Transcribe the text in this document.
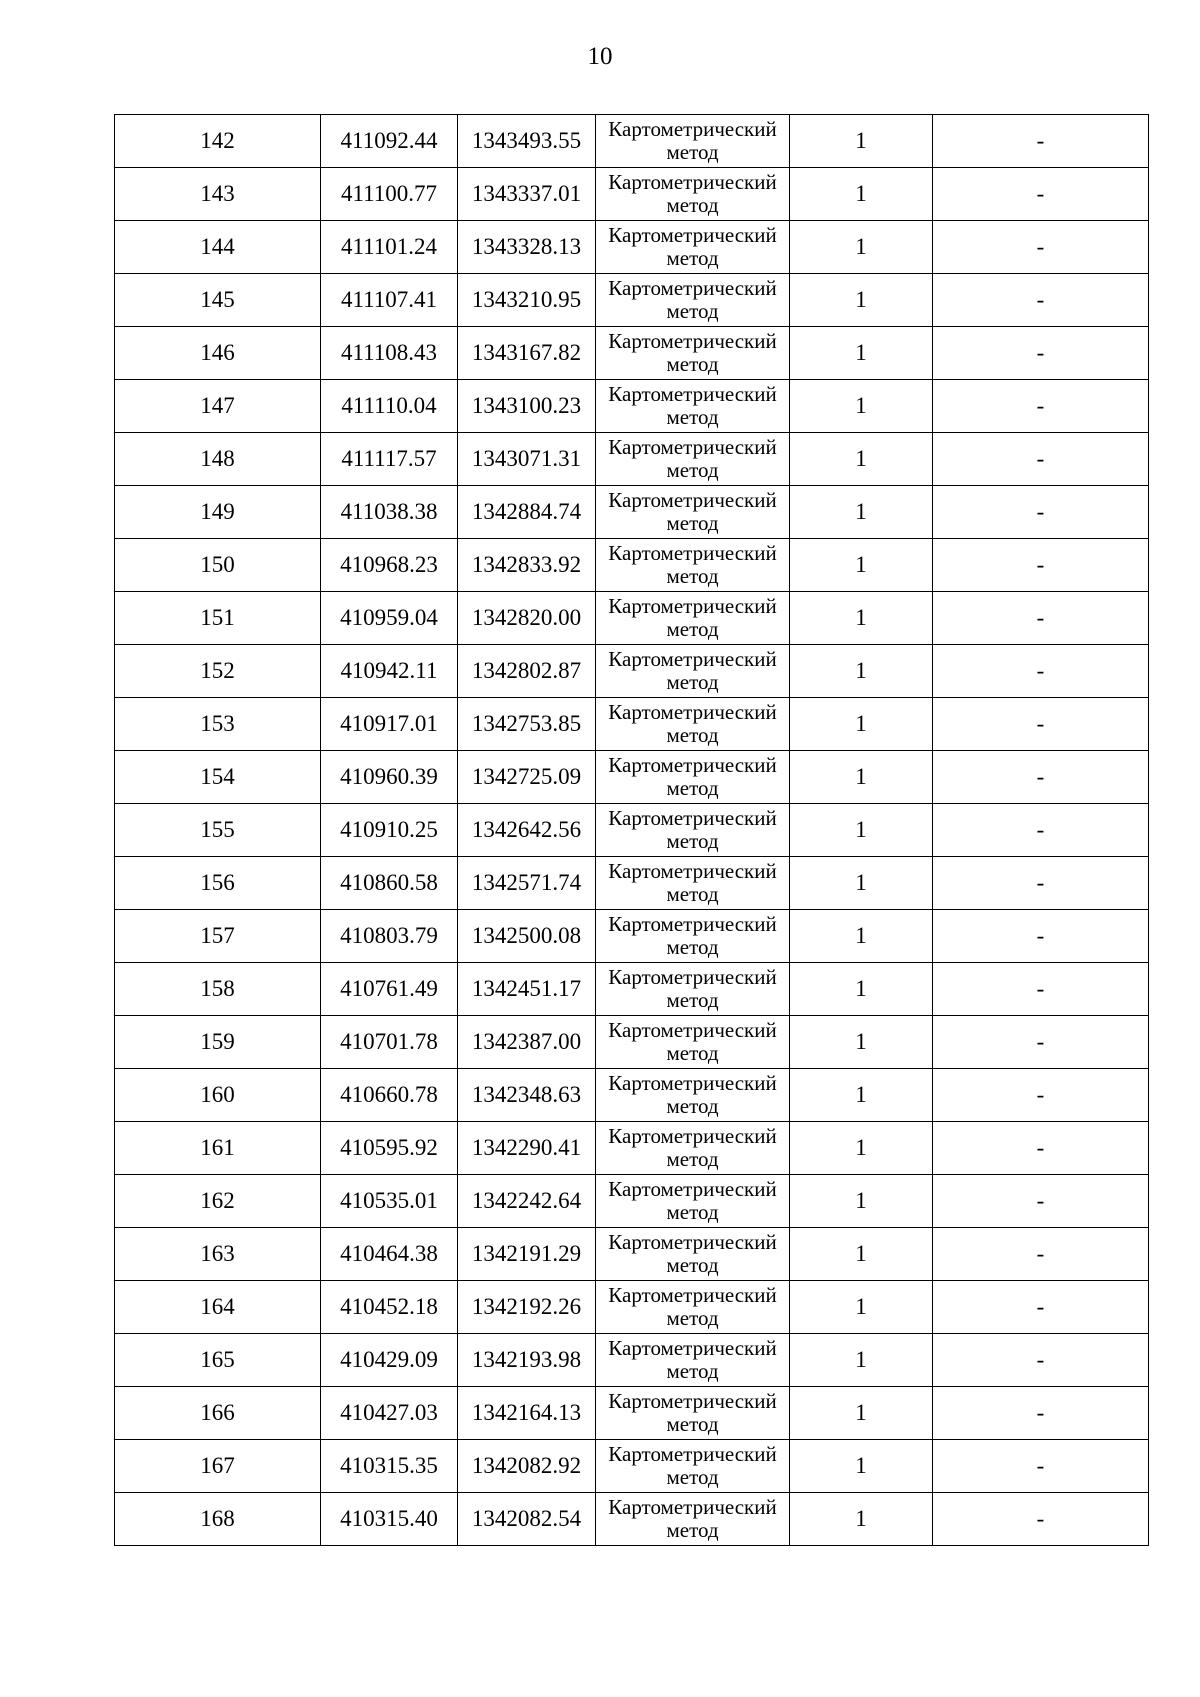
10
142	411092.44	1343493.55	Картометрический метод	1	-
143	411100.77	1343337.01	Картометрический метод	1	-
144	411101.24	1343328.13	Картометрический метод	1	-
145	411107.41	1343210.95	Картометрический метод	1	-
146	411108.43	1343167.82	Картометрический метод	1	-
147	411110.04	1343100.23	Картометрический метод	1	-
148	411117.57	1343071.31	Картометрический метод	1	-
149	411038.38	1342884.74	Картометрический метод	1	-
150	410968.23	1342833.92	Картометрический метод	1	-
151	410959.04	1342820.00	Картометрический метод	1	-
152	410942.11	1342802.87	Картометрический метод	1	-
153	410917.01	1342753.85	Картометрический метод	1	-
154	410960.39	1342725.09	Картометрический метод	1	-
155	410910.25	1342642.56	Картометрический метод	1	-
156	410860.58	1342571.74	Картометрический метод	1	-
157	410803.79	1342500.08	Картометрический метод	1	-
158	410761.49	1342451.17	Картометрический метод	1	-
159	410701.78	1342387.00	Картометрический метод	1	-
160	410660.78	1342348.63	Картометрический метод	1	-
161	410595.92	1342290.41	Картометрический метод	1	-
162	410535.01	1342242.64	Картометрический метод	1	-
163	410464.38	1342191.29	Картометрический метод	1	-
164	410452.18	1342192.26	Картометрический метод	1	-
165	410429.09	1342193.98	Картометрический метод	1	-
166	410427.03	1342164.13	Картометрический метод	1	-
167	410315.35	1342082.92	Картометрический метод	1	-
168	410315.40	1342082.54	Картометрический метод	1	-
